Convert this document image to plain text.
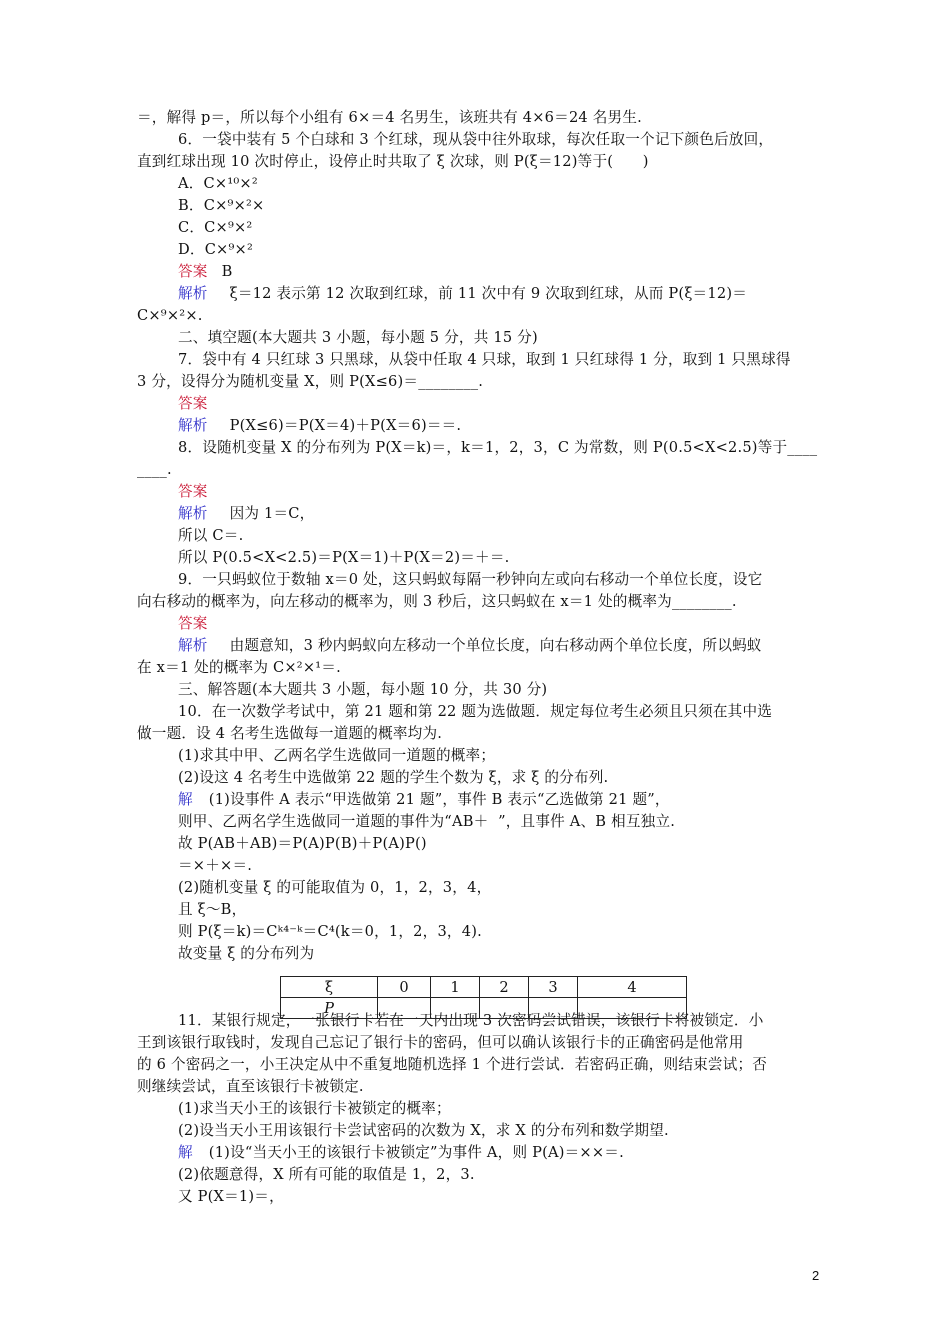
＝，解得 p＝，所以每个小组有 6×＝4 名男生，该班共有 4×6＝24 名男生.
6．一袋中装有 5 个白球和 3 个红球，现从袋中往外取球，每次任取一个记下颜色后放回，
直到红球出现 10 次时停止，设停止时共取了 ξ 次球，则 P(ξ＝12)等于(　　)
A．C×¹⁰×²
B．C×⁹×²×
C．C×⁹×²
D．C×⁹×²
解析 ξ＝12 表示第 12 次取到红球，前 11 次中有 9 次取到红球，从而 P(ξ＝12)＝
C×⁹×²×.
二、填空题(本大题共 3 小题，每小题 5 分，共 15 分)
7．袋中有 4 只红球 3 只黑球，从袋中任取 4 只球，取到 1 只红球得 1 分，取到 1 只黑球得
3 分，设得分为随机变量 X，则 P(X≤6)＝________.
解析 P(X≤6)＝P(X＝4)＋P(X＝6)＝＝.
8．设随机变量 X 的分布列为 P(X＝k)＝，k＝1，2，3，C 为常数，则 P(0.5<X<2.5)等于____
____.
解析 因为 1＝C，
所以 C＝.
所以 P(0.5<X<2.5)＝P(X＝1)＋P(X＝2)＝＋＝.
9．一只蚂蚁位于数轴 x＝0 处，这只蚂蚁每隔一秒钟向左或向右移动一个单位长度，设它
向右移动的概率为，向左移动的概率为，则 3 秒后，这只蚂蚁在 x＝1 处的概率为________.
解析 由题意知，3 秒内蚂蚁向左移动一个单位长度，向右移动两个单位长度，所以蚂蚁
在 x＝1 处的概率为 C×²×¹＝.
三、解答题(本大题共 3 小题，每小题 10 分，共 30 分)
10．在一次数学考试中，第 21 题和第 22 题为选做题．规定每位考生必须且只须在其中选
做一题．设 4 名考生选做每一道题的概率均为.
(1)求其中甲、乙两名学生选做同一道题的概率；
(2)设这 4 名考生中选做第 22 题的学生个数为 ξ，求 ξ 的分布列.
解 (1)设事件 A 表示“甲选做第 21 题”，事件 B 表示“乙选做第 21 题”，
则甲、乙两名学生选做同一道题的事件为“AB＋  ”，且事件 A、B 相互独立.
故 P(AB＋AB)＝P(A)P(B)＋P(A)P()
＝×＋×＝.
(2)随机变量 ξ 的可能取值为 0，1，2，3，4，
且 ξ～B，
则 P(ξ＝k)＝Cᵏ⁴⁻ᵏ＝C⁴(k＝0，1，2，3，4).
故变量 ξ 的分布列为
11．某银行规定，一张银行卡若在一天内出现 3 次密码尝试错误，该银行卡将被锁定．小
王到该银行取钱时，发现自己忘记了银行卡的密码，但可以确认该银行卡的正确密码是他常用
的 6 个密码之一，小王决定从中不重复地随机选择 1 个进行尝试．若密码正确，则结束尝试；否
则继续尝试，直至该银行卡被锁定.
(1)求当天小王的该银行卡被锁定的概率；
(2)设当天小王用该银行卡尝试密码的次数为 X，求 X 的分布列和数学期望.
解 (1)设“当天小王的该银行卡被锁定”为事件 A，则 P(A)＝××＝.
(2)依题意得，X 所有可能的取值是 1，2，3.
又 P(X＝1)＝，
答案 B
答案
答案
答案
ξ	0	1	2	3	4
P					
2
